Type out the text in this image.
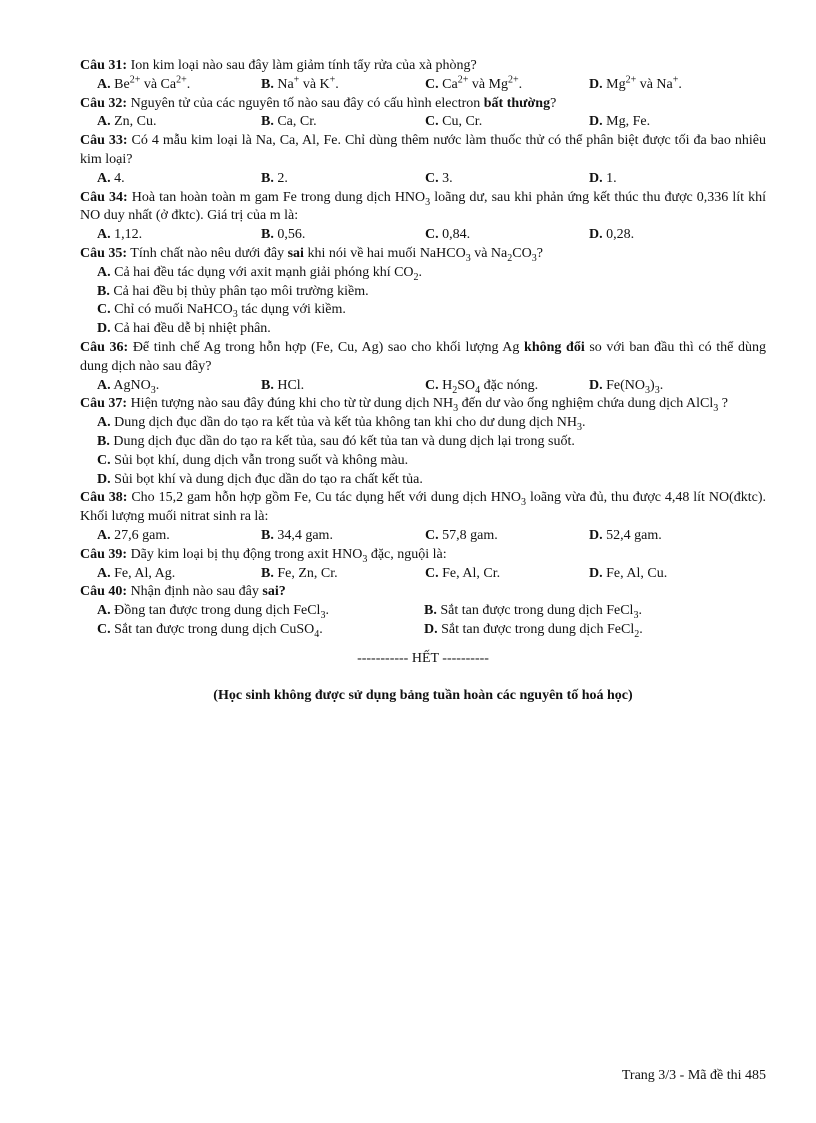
Câu 31: Ion kim loại nào sau đây làm giảm tính tẩy rửa của xà phòng?
A. $Be^{2+}$ và $Ca^{2+}$.	B. Na+ và K+.	C. $Ca^{2+}$ và $Mg^{2+}$.	D. $Mg^{2+}$ và Na+.
Câu 32: Nguyên tử của các nguyên tố nào sau đây có cấu hình electron bất thường?
A. Zn, Cu.	B. Ca, Cr.	C. Cu, Cr.	D. Mg, Fe.
Câu 33: Có 4 mẫu kim loại là Na, Ca, Al, Fe. Chỉ dùng thêm nước làm thuốc thử có thể phân biệt được tối đa bao nhiêu kim loại?
A. 4.	B. 2.	C. 3.	D. 1.
Câu 34: Hoà tan hoàn toàn m gam Fe trong dung dịch $HNO_3$ loãng dư, sau khi phản ứng kết thúc thu được 0,336 lít khí NO duy nhất (ở đktc). Giá trị của m là:
A. 1,12.	B. 0,56.	C. 0,84.	D. 0,28.
Câu 35: Tính chất nào nêu dưới đây sai khi nói về hai muối NaHCO$_3$ và $Na_2CO_3$?
A. Cả hai đều tác dụng với axit mạnh giải phóng khí $CO_2$.
B. Cả hai đều bị thủy phân tạo môi trường kiềm.
C. Chỉ có muối NaHCO$_3$ tác dụng với kiềm.
D. Cả hai đều dễ bị nhiệt phân.
Câu 36: Để tinh chế Ag trong hỗn hợp (Fe, Cu, Ag) sao cho khối lượng Ag không đổi so với ban đầu thì có thể dùng dung dịch nào sau đây?
A. AgNO$_3$.	B. HCl.	C. $H_2SO_4$ đặc nóng.	D. $Fe(NO_3)_3$.
Câu 37: Hiện tượng nào sau đây đúng khi cho từ từ dung dịch $NH_3$ đến dư vào ống nghiệm chứa dung dịch AlCl$_3$ ?
A. Dung dịch đục dần do tạo ra kết tủa và kết tủa không tan khi cho dư dung dịch $NH_3$.
B. Dung dịch đục dần do tạo ra kết tủa, sau đó kết tủa tan và dung dịch lại trong suốt.
C. Sủi bọt khí, dung dịch vẫn trong suốt và không màu.
D. Sủi bọt khí và dung dịch đục dần do tạo ra chất kết tủa.
Câu 38: Cho 15,2 gam hỗn hợp gồm Fe, Cu tác dụng hết với dung dịch $HNO_3$ loãng vừa đủ, thu được 4,48 lít NO(đktc). Khối lượng muối nitrat sinh ra là:
A. 27,6 gam.	B. 34,4 gam.	C. 57,8 gam.	D. 52,4 gam.
Câu 39: Dãy kim loại bị thụ động trong axit $HNO_3$ đặc, nguội là:
A. Fe, Al, Ag.	B. Fe, Zn, Cr.	C. Fe, Al, Cr.	D. Fe, Al, Cu.
Câu 40: Nhận định nào sau đây sai?
A. Đồng tan được trong dung dịch FeCl$_3$.	B. Sắt tan được trong dung dịch FeCl$_3$.
C. Sắt tan được trong dung dịch CuSO$_4$.	D. Sắt tan được trong dung dịch FeCl$_2$.
----------- HẾT ----------
(Học sinh không được sử dụng bảng tuần hoàn các nguyên tố hoá học)
Trang 3/3 - Mã đề thi 485
